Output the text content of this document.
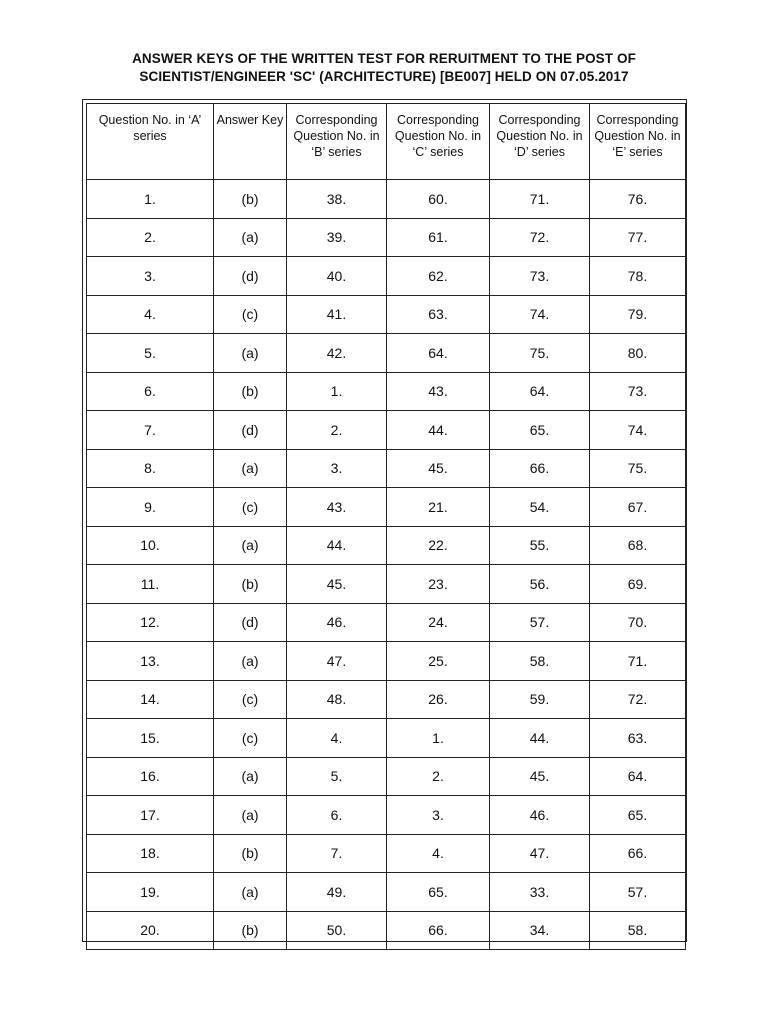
ANSWER KEYS OF THE WRITTEN TEST FOR RERUITMENT TO THE POST OF
SCIENTIST/ENGINEER 'SC' (ARCHITECTURE) [BE007] HELD ON 07.05.2017
Question No. in ‘A’ series	Answer Key	Corresponding Question No. in ‘B’ series	Corresponding Question No. in ‘C’ series	Corresponding Question No. in ‘D’ series	Corresponding Question No. in ‘E’ series
1.	(b)	38.	60.	71.	76.
2.	(a)	39.	61.	72.	77.
3.	(d)	40.	62.	73.	78.
4.	(c)	41.	63.	74.	79.
5.	(a)	42.	64.	75.	80.
6.	(b)	1.	43.	64.	73.
7.	(d)	2.	44.	65.	74.
8.	(a)	3.	45.	66.	75.
9.	(c)	43.	21.	54.	67.
10.	(a)	44.	22.	55.	68.
11.	(b)	45.	23.	56.	69.
12.	(d)	46.	24.	57.	70.
13.	(a)	47.	25.	58.	71.
14.	(c)	48.	26.	59.	72.
15.	(c)	4.	1.	44.	63.
16.	(a)	5.	2.	45.	64.
17.	(a)	6.	3.	46.	65.
18.	(b)	7.	4.	47.	66.
19.	(a)	49.	65.	33.	57.
20.	(b)	50.	66.	34.	58.
